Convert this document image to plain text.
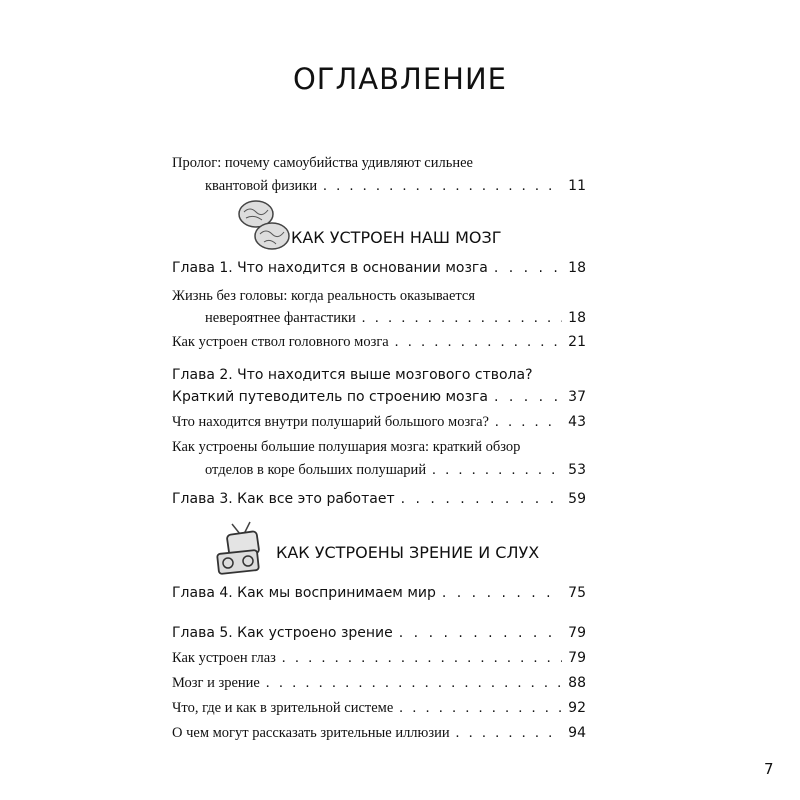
ОГЛАВЛЕНИЕ
Пролог: почему самоубийства удивляют сильнее
квантовой физики . . .	11
КАК УСТРОЕН НАШ МОЗГ
Глава 1. Что находится в основании мозга . . .	18
Жизнь без головы: когда реальность оказывается
невероятнее фантастики . . .	18
Как устроен ствол головного мозга . . .	21
Глава 2. Что находится выше мозгового ствола?
Краткий путеводитель по строению мозга . . .	37
Что находится внутри полушарий большого мозга? . . .	43
Как устроены большие полушария мозга: краткий обзор
отделов в коре больших полушарий . . .	53
Глава 3. Как все это работает . . .	59
КАК УСТРОЕНЫ ЗРЕНИЕ И СЛУХ
Глава 4. Как мы воспринимаем мир . . .	75
Глава 5. Как устроено зрение . . .	79
Как устроен глаз . . .	79
Мозг и зрение . . .	88
Что, где и как в зрительной системе . . .	92
О чем могут рассказать зрительные иллюзии . . .	94
7
